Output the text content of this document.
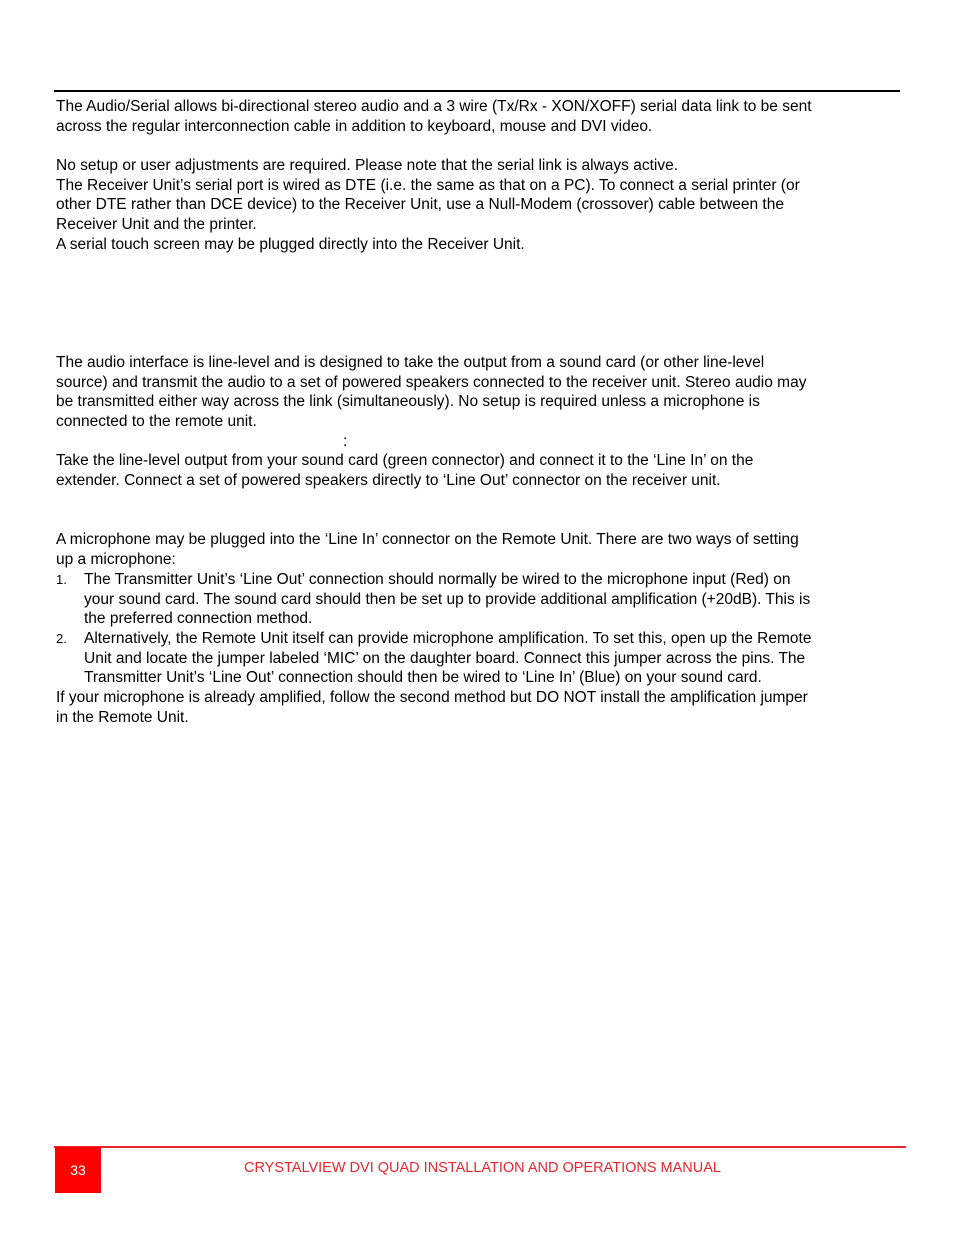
The Audio/Serial allows bi-directional stereo audio and a 3 wire (Tx/Rx - XON/XOFF) serial data link to be sent
across the regular interconnection cable in addition to keyboard, mouse and DVI video.
No setup or user adjustments are required. Please note that the serial link is always active.
The Receiver Unit’s serial port is wired as DTE (i.e. the same as that on a PC). To connect a serial printer (or
other DTE rather than DCE device) to the Receiver Unit, use a Null-Modem (crossover) cable between the
Receiver Unit and the printer.
A serial touch screen may be plugged directly into the Receiver Unit.
The audio interface is line-level and is designed to take the output from a sound card (or other line-level
source) and transmit the audio to a set of powered speakers connected to the receiver unit. Stereo audio may
be transmitted either way across the link (simultaneously). No setup is required unless a microphone is
connected to the remote unit.
:
Take the line-level output from your sound card (green connector) and connect it to the ‘Line In’ on the
extender. Connect a set of powered speakers directly to ‘Line Out’ connector on the receiver unit.
A microphone may be plugged into the ‘Line In’ connector on the Remote Unit. There are two ways of setting
up a microphone:
1. The Transmitter Unit’s ‘Line Out’ connection should normally be wired to the microphone input (Red) on
your sound card. The sound card should then be set up to provide additional amplification (+20dB). This is
the preferred connection method.
2. Alternatively, the Remote Unit itself can provide microphone amplification. To set this, open up the Remote
Unit and locate the jumper labeled ‘MIC’ on the daughter board. Connect this jumper across the pins. The
Transmitter Unit’s ‘Line Out’ connection should then be wired to ‘Line In’ (Blue) on your sound card.
If your microphone is already amplified, follow the second method but DO NOT install the amplification jumper
in the Remote Unit.
33	CRYSTALVIEW DVI QUAD INSTALLATION AND OPERATIONS MANUAL
